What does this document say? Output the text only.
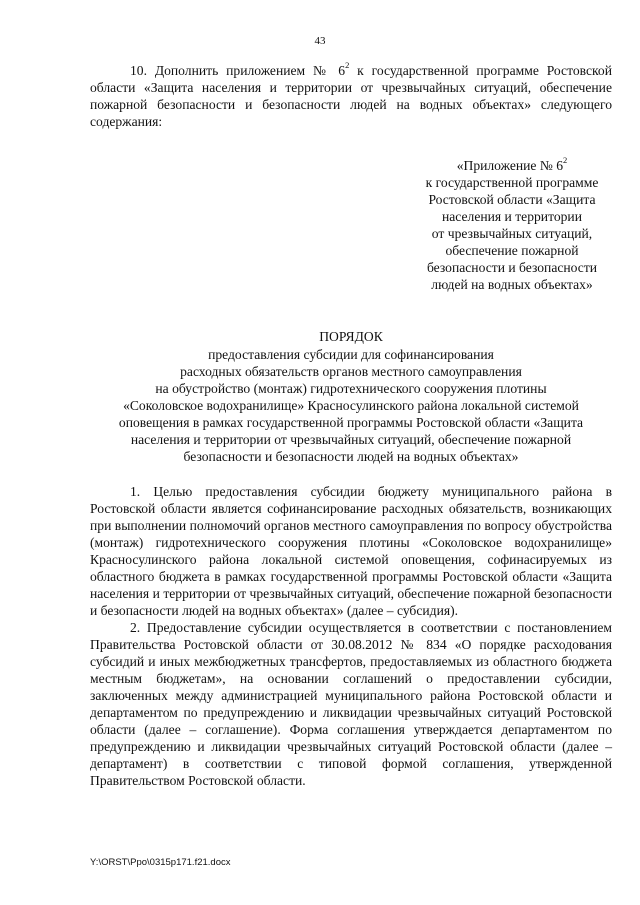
43

10. Дополнить приложением № $6^2$ к государственной программе Ростовской области «Защита населения и территории от чрезвычайных ситуаций, обеспечение пожарной безопасности и безопасности людей на водных объектах» следующего содержания:

«Приложение № $6^2$
к государственной программе
Ростовской области «Защита
населения и территории
от чрезвычайных ситуаций,
обеспечение пожарной
безопасности и безопасности
людей на водных объектах»
ПОРЯДОК
предоставления субсидии для софинансирования
расходных обязательств органов местного самоуправления
на обустройство (монтаж) гидротехнического сооружения плотины
«Соколовское водохранилище» Красносулинского района локальной системой
оповещения в рамках государственной программы Ростовской области «Защита
населения и территории от чрезвычайных ситуаций, обеспечение пожарной
безопасности и безопасности людей на водных объектах»

1. Целью предоставления субсидии бюджету муниципального района в Ростовской области является софинансирование расходных обязательств, возникающих при выполнении полномочий органов местного самоуправления по вопросу обустройства (монтаж) гидротехнического сооружения плотины «Соколовское водохранилище» Красносулинского района локальной системой оповещения, софинасируемых из областного бюджета в рамках государственной программы Ростовской области «Защита населения и территории от чрезвычайных ситуаций, обеспечение пожарной безопасности и безопасности людей на водных объектах» (далее – субсидия).

2. Предоставление субсидии осуществляется в соответствии с постановлением Правительства Ростовской области от 30.08.2012 № 834 «О порядке расходования субсидий и иных межбюджетных трансфертов, предоставляемых из областного бюджета местным бюджетам», на основании соглашений о предоставлении субсидии, заключенных между администрацией муниципального района Ростовской области и департаментом по предупреждению и ликвидации чрезвычайных ситуаций Ростовской области (далее – соглашение). Форма соглашения утверждается департаментом по предупреждению и ликвидации чрезвычайных ситуаций Ростовской области (далее – департамент) в соответствии с типовой формой соглашения, утвержденной Правительством Ростовской области.

Y:\ORST\Ppo\0315p171.f21.docx
